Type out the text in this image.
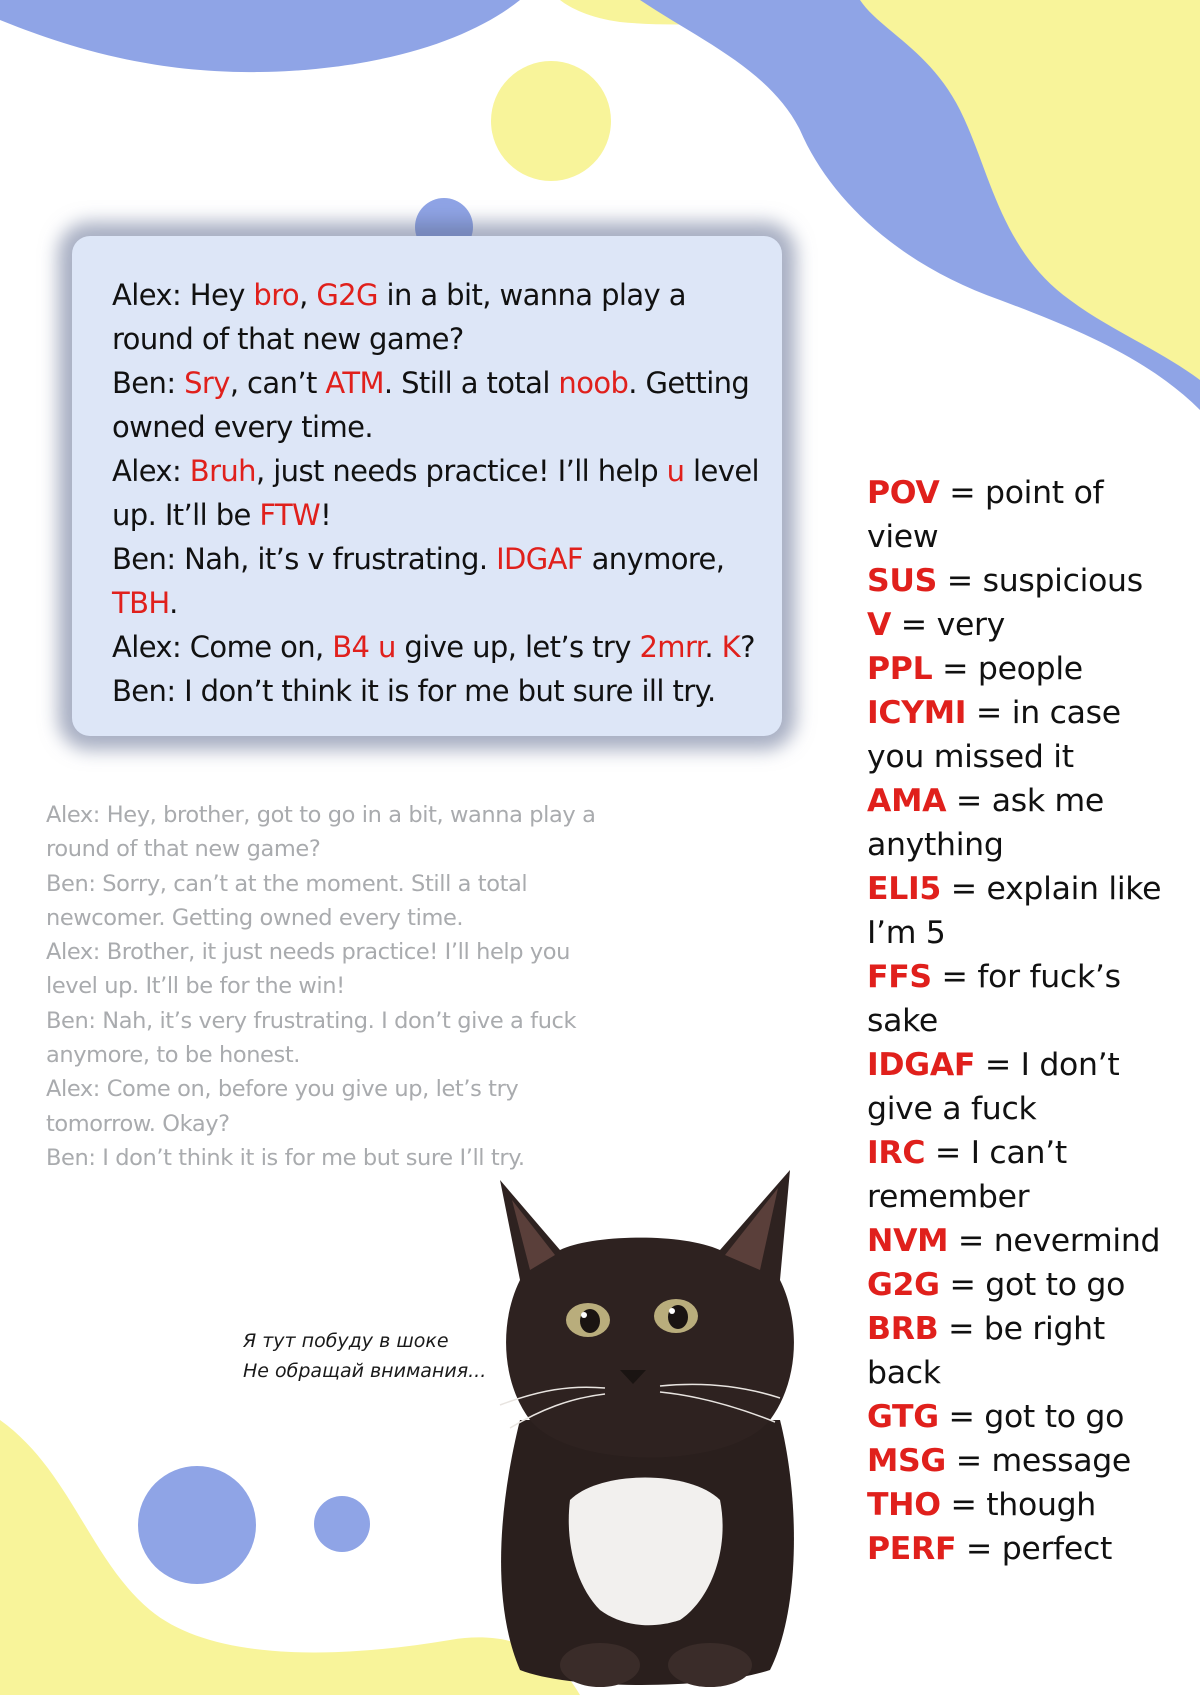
Alex: Hey bro, G2G in a bit, wanna play a
round of that new game?
Ben: Sry, can’t ATM. Still a total noob. Getting
owned every time.
Alex: Bruh, just needs practice! I’ll help u level
up. It’ll be FTW!
Ben: Nah, it’s v frustrating. IDGAF anymore,
TBH.
Alex: Come on, B4 u give up, let’s try 2mrr. K?
Ben: I don’t think it is for me but sure ill try.
Alex: Hey, brother, got to go in a bit, wanna play a
round of that new game?
Ben: Sorry, can’t at the moment. Still a total
newcomer. Getting owned every time.
Alex: Brother, it just needs practice! I’ll help you
level up. It’ll be for the win!
Ben: Nah, it’s very frustrating. I don’t give a fuck
anymore, to be honest.
Alex: Come on, before you give up, let’s try
tomorrow. Okay?
Ben: I don’t think it is for me but sure I’ll try.
POV = point of
view
SUS = suspicious
V = very
PPL = people
ICYMI = in case
you missed it
AMA = ask me
anything
ELI5 = explain like
I’m 5
FFS = for fuck’s
sake
IDGAF = I don’t
give a fuck
IRC = I can’t
remember
NVM = nevermind
G2G = got to go
BRB = be right
back
GTG = got to go
MSG = message
THO = though
PERF = perfect
Я тут побуду в шоке
Не обращай внимания...
